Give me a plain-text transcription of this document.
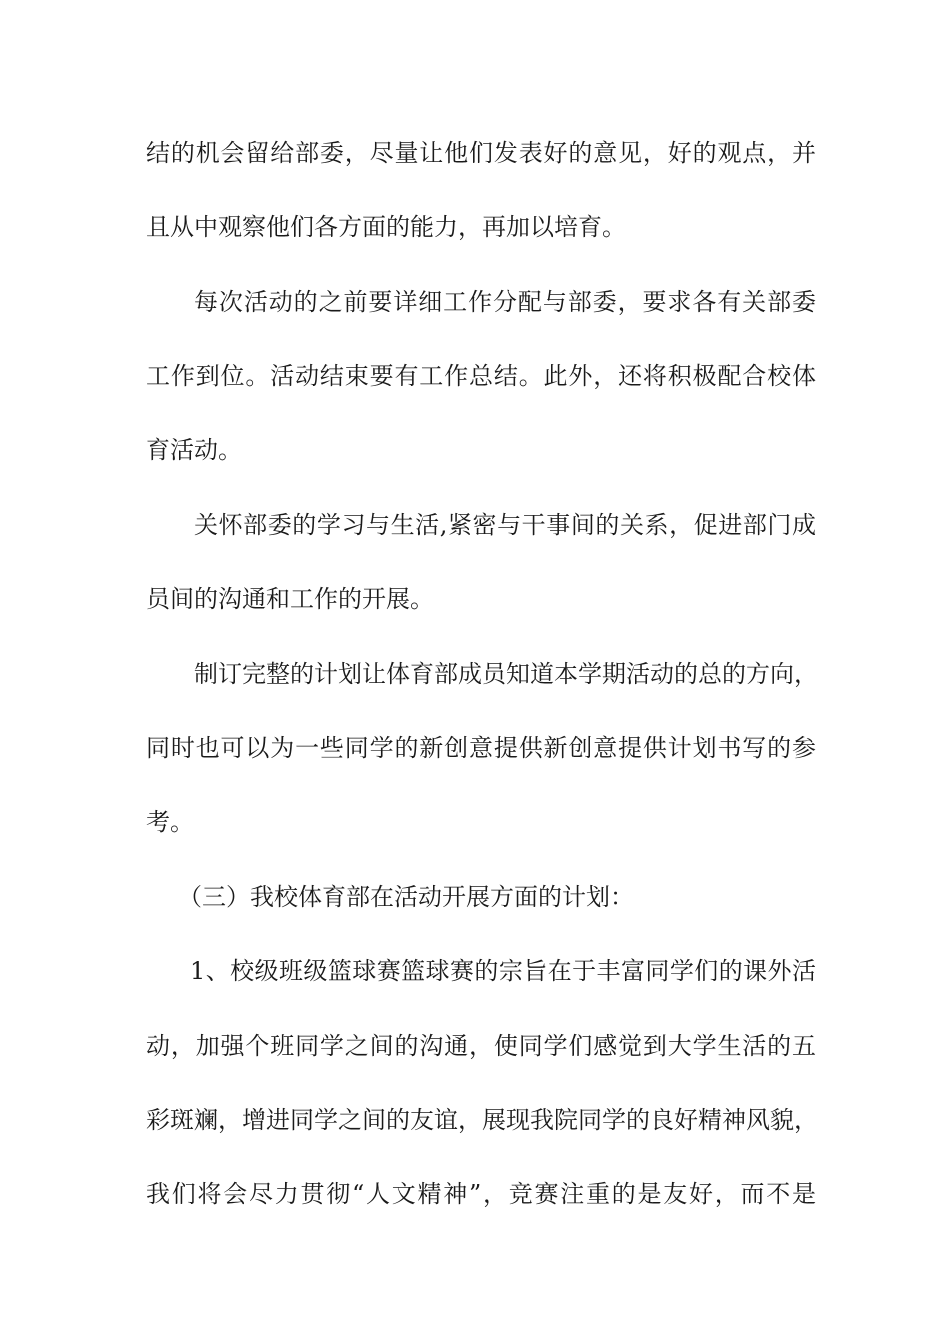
结的机会留给部委，尽量让他们发表好的意见，好的观点，并
且从中观察他们各方面的能力，再加以培育。
每次活动的之前要详细工作分配与部委，要求各有关部委
工作到位。活动结束要有工作总结。此外，还将积极配合校体
育活动。
关怀部委的学习与生活,紧密与干事间的关系，促进部门成
员间的沟通和工作的开展。
制订完整的计划让体育部成员知道本学期活动的总的方向，
同时也可以为一些同学的新创意提供新创意提供计划书写的参
考。
（三）我校体育部在活动开展方面的计划：
1、校级班级篮球赛篮球赛的宗旨在于丰富同学们的课外活
动，加强个班同学之间的沟通，使同学们感觉到大学生活的五
彩斑斓，增进同学之间的友谊，展现我院同学的良好精神风貌，
我们将会尽力贯彻“人文精神”，竞赛注重的是友好，而不是
